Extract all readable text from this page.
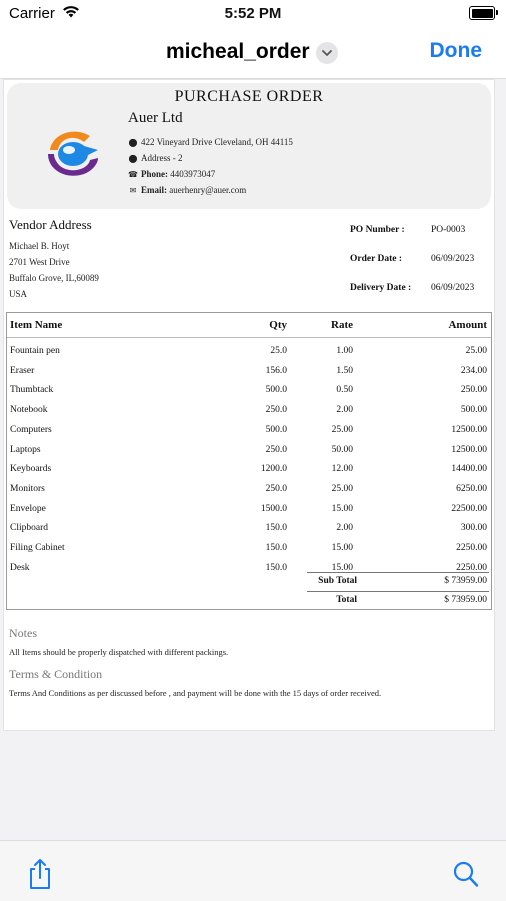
Carrier	5:52 PM
micheal_order	Done
PURCHASE ORDER
Auer Ltd
⬤ 422 Vineyard Drive Cleveland, OH 44115
⬤ Address - 2
☎ Phone: 4403973047
✉ Email: auerhenry@auer.com
Vendor Address
Michael B. Hoyt
2701 West Drive
Buffalo Grove, IL,60089
USA
PO Number :	PO-0003
Order Date :	06/09/2023
Delivery Date : 06/09/2023
Item Name	Qty	Rate	Amount
Fountain pen	25.0	1.00	25.00
Eraser	156.0	1.50	234.00
Thumbtack	500.0	0.50	250.00
Notebook	250.0	2.00	500.00
Computers	500.0	25.00	12500.00
Laptops	250.0	50.00	12500.00
Keyboards	1200.0	12.00	14400.00
Monitors	250.0	25.00	6250.00
Envelope	1500.0	15.00	22500.00
Clipboard	150.0	2.00	300.00
Filing Cabinet	150.0	15.00	2250.00
Desk	150.0	15.00	2250.00
Sub Total	$ 73959.00
Total	$ 73959.00
Notes
All Items should be properly dispatched with different packings.
Terms & Condition
Terms And Conditions as per discussed before , and payment will be done with the 15 days of order received.
